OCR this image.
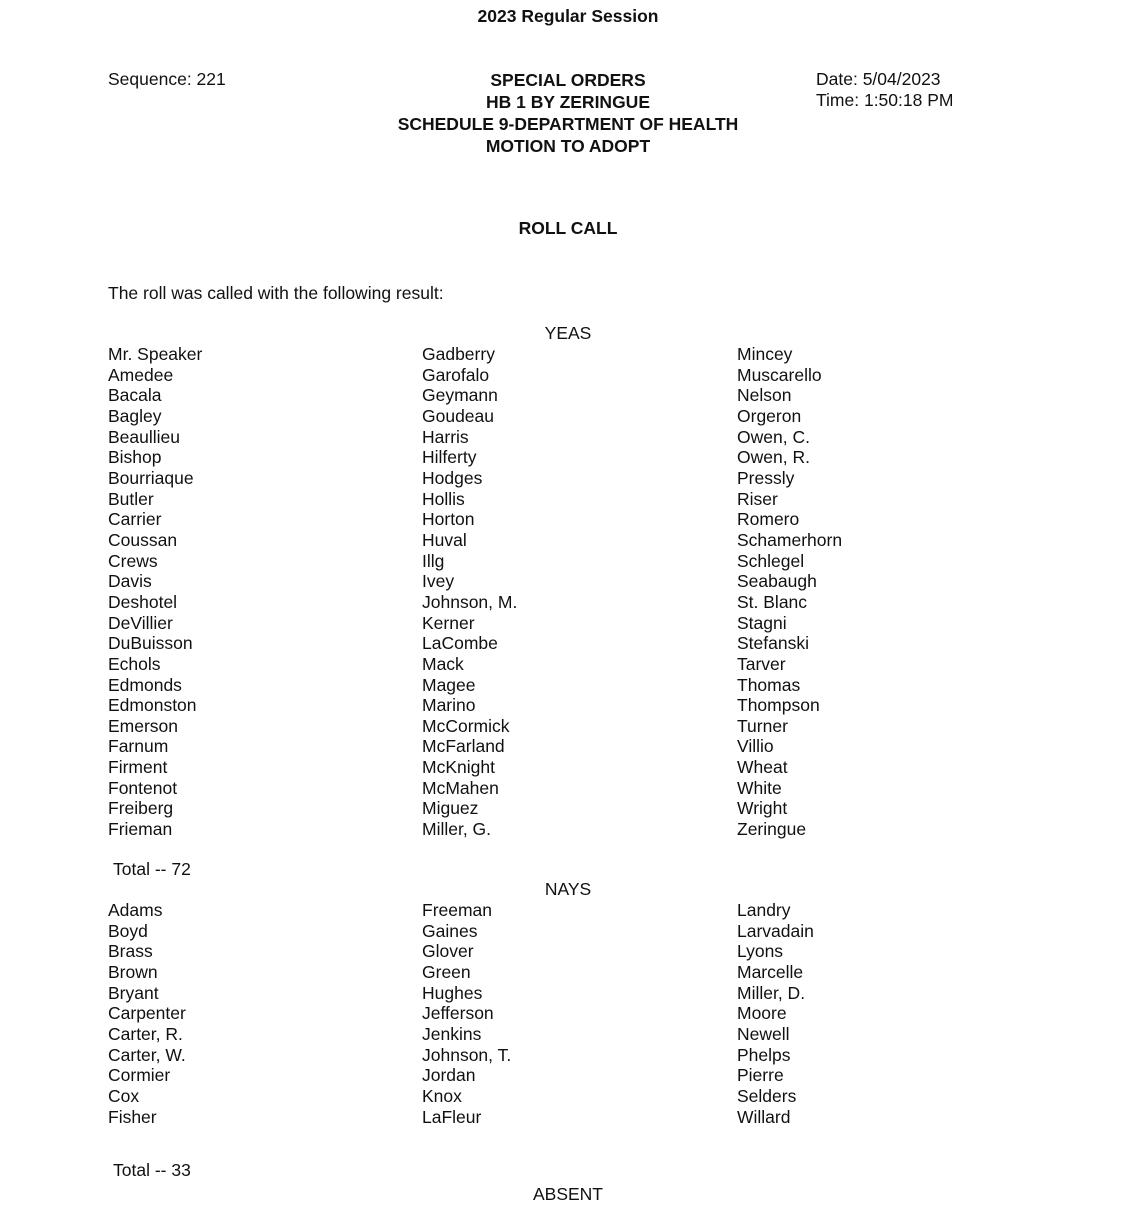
2023 Regular Session
Sequence: 221	SPECIAL ORDERS
HB 1 BY ZERINGUE
SCHEDULE 9-DEPARTMENT OF HEALTH
MOTION TO ADOPT
Date: 5/04/2023
Time: 1:50:18 PM
ROLL CALL
The roll was called with the following result:
YEAS
Mr. Speaker
Amedee
Bacala
Bagley
Beaullieu
Bishop
Bourriaque
Butler
Carrier
Coussan
Crews
Davis
Deshotel
DeVillier
DuBuisson
Echols
Edmonds
Edmonston
Emerson
Farnum
Firment
Fontenot
Freiberg
Frieman
Gadberry
Garofalo
Geymann
Goudeau
Harris
Hilferty
Hodges
Hollis
Horton
Huval
Illg
Ivey
Johnson, M.
Kerner
LaCombe
Mack
Magee
Marino
McCormick
McFarland
McKnight
McMahen
Miguez
Miller, G.
Mincey
Muscarello
Nelson
Orgeron
Owen, C.
Owen, R.
Pressly
Riser
Romero
Schamerhorn
Schlegel
Seabaugh
St. Blanc
Stagni
Stefanski
Tarver
Thomas
Thompson
Turner
Villio
Wheat
White
Wright
Zeringue
Total -- 72
NAYS
Adams
Boyd
Brass
Brown
Bryant
Carpenter
Carter, R.
Carter, W.
Cormier
Cox
Fisher
Freeman
Gaines
Glover
Green
Hughes
Jefferson
Jenkins
Johnson, T.
Jordan
Knox
LaFleur
Landry
Larvadain
Lyons
Marcelle
Miller, D.
Moore
Newell
Phelps
Pierre
Selders
Willard
Total -- 33
ABSENT
